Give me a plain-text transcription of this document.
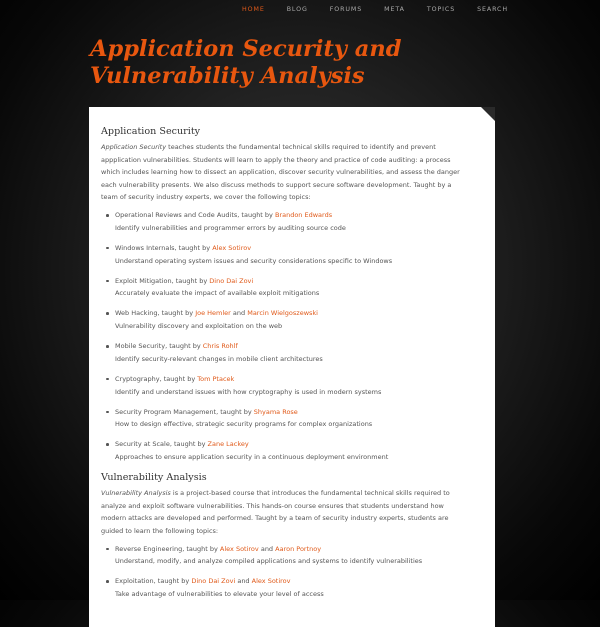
HOME	BLOG	FORUMS	META	TOPICS	SEARCH
Application Security and
Vulnerability Analysis
Application Security

Application Security teaches students the fundamental technical skills required to identify and prevent
appplication vulnerabilities. Students will learn to apply the theory and practice of code auditing: a process
which includes learning how to dissect an application, discover security vulnerabilities, and assess the danger
each vulnerability presents. We also discuss methods to support secure software development. Taught by a
team of security industry experts, we cover the following topics:

Operational Reviews and Code Audits, taught by Brandon Edwards
Identify vulnerabilities and programmer errors by auditing source code
Windows Internals, taught by Alex Sotirov
Understand operating system issues and security considerations specific to Windows
Exploit Mitigation, taught by Dino Dai Zovi
Accurately evaluate the impact of available exploit mitigations
Web Hacking, taught by Joe Hemler and Marcin Wielgoszewski
Vulnerability discovery and exploitation on the web
Mobile Security, taught by Chris Rohlf
Identify security-relevant changes in mobile client architectures
Cryptography, taught by Tom Ptacek
Identify and understand issues with how cryptography is used in modern systems
Security Program Management, taught by Shyama Rose
How to design effective, strategic security programs for complex organizations
Security at Scale, taught by Zane Lackey
Approaches to ensure application security in a continuous deployment environment
Vulnerability Analysis

Vulnerability Analysis is a project-based course that introduces the fundamental technical skills required to
analyze and exploit software vulnerabilities. This hands-on course ensures that students understand how
modern attacks are developed and performed. Taught by a team of security industry experts, students are
guided to learn the following topics:

Reverse Engineering, taught by Alex Sotirov and Aaron Portnoy
Understand, modify, and analyze compiled applications and systems to identify vulnerabilities
Exploitation, taught by Dino Dai Zovi and Alex Sotirov
Take advantage of vulnerabilities to elevate your level of access
